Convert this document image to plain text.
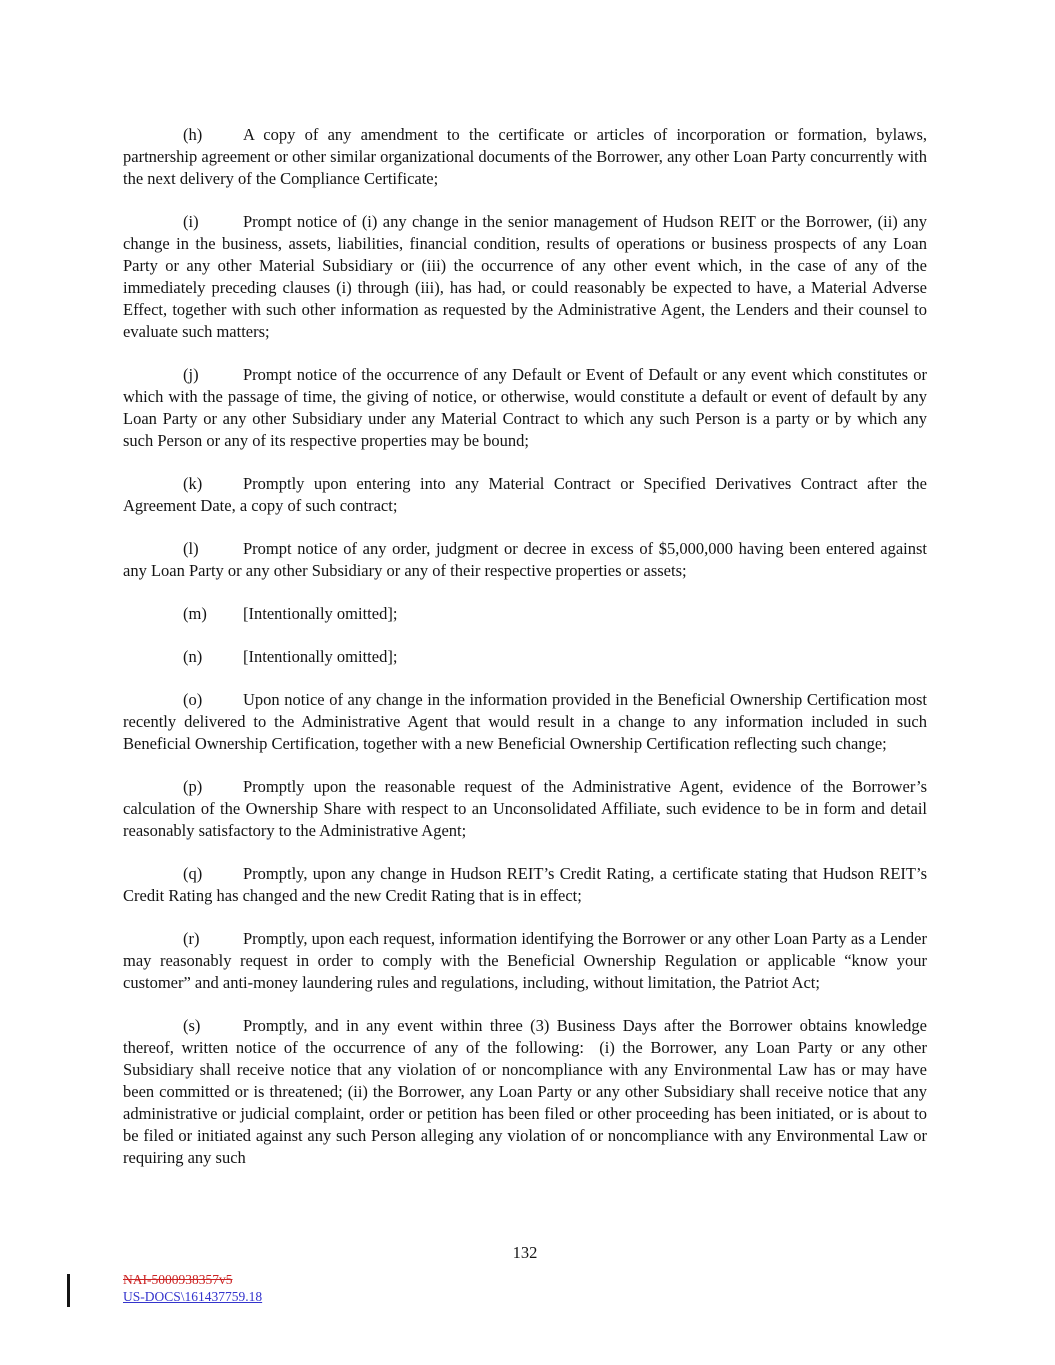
(h) A copy of any amendment to the certificate or articles of incorporation or formation, bylaws, partnership agreement or other similar organizational documents of the Borrower, any other Loan Party concurrently with the next delivery of the Compliance Certificate;

(i)	Prompt notice of (i) any change in the senior management of Hudson REIT or the Borrower, (ii) any change in the business, assets, liabilities, financial condition, results of operations or business prospects of any Loan Party or any other Material Subsidiary or (iii) the occurrence of any other event which, in the case of any of the immediately preceding clauses (i) through (iii), has had, or could reasonably be expected to have, a Material Adverse Effect, together with such other information as requested by the Administrative Agent, the Lenders and their counsel to evaluate such matters;

(j)	Prompt notice of the occurrence of any Default or Event of Default or any event which constitutes or which with the passage of time, the giving of notice, or otherwise, would constitute a default or event of default by any Loan Party or any other Subsidiary under any Material Contract to which any such Person is a party or by which any such Person or any of its respective properties may be bound;

(k) Promptly upon entering into any Material Contract or Specified Derivatives Contract after the Agreement Date, a copy of such contract;

(l)	Prompt notice of any order, judgment or decree in excess of $5,000,000 having been entered against any Loan Party or any other Subsidiary or any of their respective properties or assets;

(m) [Intentionally omitted];

(n) [Intentionally omitted];

(o) Upon notice of any change in the information provided in the Beneficial Ownership Certification most recently delivered to the Administrative Agent that would result in a change to any information included in such Beneficial Ownership Certification, together with a new Beneficial Ownership Certification reflecting such change;

(p) Promptly upon the reasonable request of the Administrative Agent, evidence of the Borrower’s calculation of the Ownership Share with respect to an Unconsolidated Affiliate, such evidence to be in form and detail reasonably satisfactory to the Administrative Agent;

(q) Promptly, upon any change in Hudson REIT’s Credit Rating, a certificate stating that Hudson REIT’s Credit Rating has changed and the new Credit Rating that is in effect;

(r)	Promptly, upon each request, information identifying the Borrower or any other Loan Party as a Lender may reasonably request in order to comply with the Beneficial Ownership Regulation or applicable “know your customer” and anti-money laundering rules and regulations, including, without limitation, the Patriot Act;

(s)	Promptly, and in any event within three (3) Business Days after the Borrower obtains knowledge thereof, written notice of the occurrence of any of the following:  (i) the Borrower, any Loan Party or any other Subsidiary shall receive notice that any violation of or noncompliance with any Environmental Law has or may have been committed or is threatened; (ii) the Borrower, any Loan Party or any other Subsidiary shall receive notice that any administrative or judicial complaint, order or petition has been filed or other proceeding has been initiated, or is about to be filed or initiated against any such Person alleging any violation of or noncompliance with any Environmental Law or requiring any such

132
NAI-5000938357v5
US-DOCS\161437759.18
